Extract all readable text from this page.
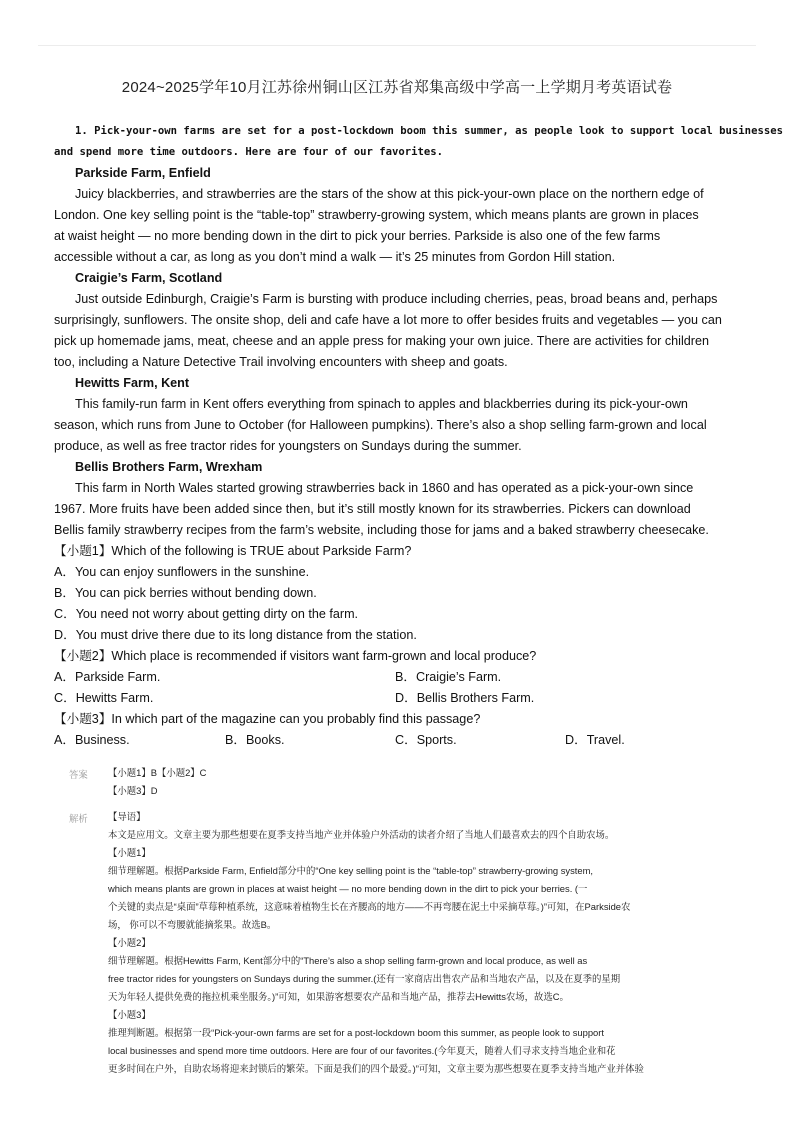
2024~2025学年10月江苏徐州铜山区江苏省郑集高级中学高一上学期月考英语试卷
1. Pick-your-own farms are set for a post-lockdown boom this summer, as people look to support local businesses
and spend more time outdoors. Here are four of our favorites.
Parkside Farm, Enfield
Juicy blackberries, and strawberries are the stars of the show at this pick-your-own place on the northern edge of
London. One key selling point is the “table-top” strawberry-growing system, which means plants are grown in places
at waist height — no more bending down in the dirt to pick your berries. Parkside is also one of the few farms
accessible without a car, as long as you don’t mind a walk — it’s 25 minutes from Gordon Hill station.
Craigie’s Farm, Scotland
Just outside Edinburgh, Craigie’s Farm is bursting with produce including cherries, peas, broad beans and, perhaps
surprisingly, sunflowers. The onsite shop, deli and cafe have a lot more to offer besides fruits and vegetables — you can
pick up homemade jams, meat, cheese and an apple press for making your own juice. There are activities for children
too, including a Nature Detective Trail involving encounters with sheep and goats.
Hewitts Farm, Kent
This family-run farm in Kent offers everything from spinach to apples and blackberries during its pick-your-own
season, which runs from June to October (for Halloween pumpkins). There’s also a shop selling farm-grown and local
produce, as well as free tractor rides for youngsters on Sundays during the summer.
Bellis Brothers Farm, Wrexham
This farm in North Wales started growing strawberries back in 1860 and has operated as a pick-your-own since
1967. More fruits have been added since then, but it’s still mostly known for its strawberries. Pickers can download
Bellis family strawberry recipes from the farm’s website, including those for jams and a baked strawberry cheesecake.
【小题1】Which of the following is TRUE about Parkside Farm?
A．You can enjoy sunflowers in the sunshine.
B．You can pick berries without bending down.
C．You need not worry about getting dirty on the farm.
D．You must drive there due to its long distance from the station.
【小题2】Which place is recommended if visitors want farm-grown and local produce?
A．Parkside Farm.	B．Craigie’s Farm.
C．Hewitts Farm.	D．Bellis Brothers Farm.
【小题3】In which part of the magazine can you probably find this passage?
A．Business.	B．Books.	C．Sports.	D．Travel.
答案 【小题1】B【小题2】C
【小题3】D
解析 【导语】
本文是应用文。文章主要为那些想要在夏季支持当地产业并体验户外活动的读者介绍了当地人们最喜欢去的四个自助农场。
【小题1】
细节理解题。根据Parkside Farm, Enfield部分中的“One key selling point is the “table-top” strawberry-growing system,
which means plants are grown in places at waist height — no more bending down in the dirt to pick your berries. (一
个关键的卖点是“桌面”草莓种植系统，这意味着植物生长在齐腰高的地方——不再弯腰在泥土中采摘草莓。)”可知，在Parkside农
场， 你可以不弯腰就能摘浆果。故选B。
【小题2】
细节理解题。根据Hewitts Farm, Kent部分中的“There’s also a shop selling farm-grown and local produce, as well as
free tractor rides for youngsters on Sundays during the summer.(还有一家商店出售农产品和当地农产品，以及在夏季的星期
天为年轻人提供免费的拖拉机乘坐服务。)”可知，如果游客想要农产品和当地产品，推荐去Hewitts农场，故选C。
【小题3】
推理判断题。根据第一段“Pick-your-own farms are set for a post-lockdown boom this summer, as people look to support
local businesses and spend more time outdoors. Here are four of our favorites.(今年夏天，随着人们寻求支持当地企业和花
更多时间在户外，自助农场将迎来封锁后的繁荣。下面是我们的四个最爱。)”可知，文章主要为那些想要在夏季支持当地产业并体验
